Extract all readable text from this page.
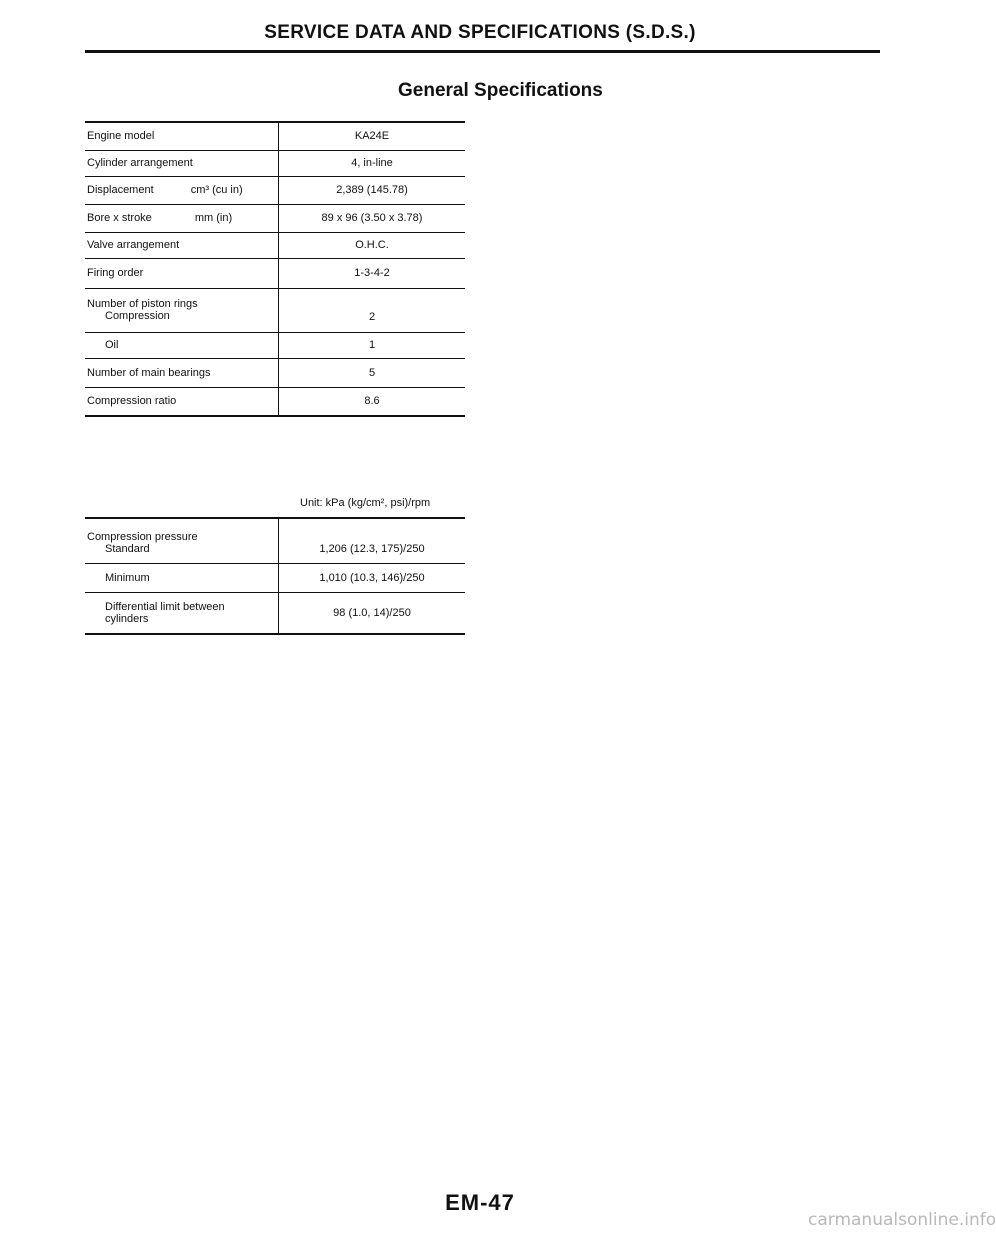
SERVICE DATA AND SPECIFICATIONS (S.D.S.)
General Specifications
Engine model	KA24E
Cylinder arrangement	4, in-line
Displacement cm³ (cu in)	2,389 (145.78)
Bore x stroke mm (in)	89 x 96 (3.50 x 3.78)
Valve arrangement	O.H.C.
Firing order	1-3-4-2

Number of piston rings
Compression	2

Oil	1
Number of main bearings	5
Compression ratio	8.6
Unit: kPa (kg/cm², psi)/rpm
Compression pressure
Standard	1,206 (12.3, 175)/250

Minimum	1,010 (10.3, 146)/250

Differential limit between
cylinders	98 (1.0, 14)/250
EM-47
carmanualsonline.info
